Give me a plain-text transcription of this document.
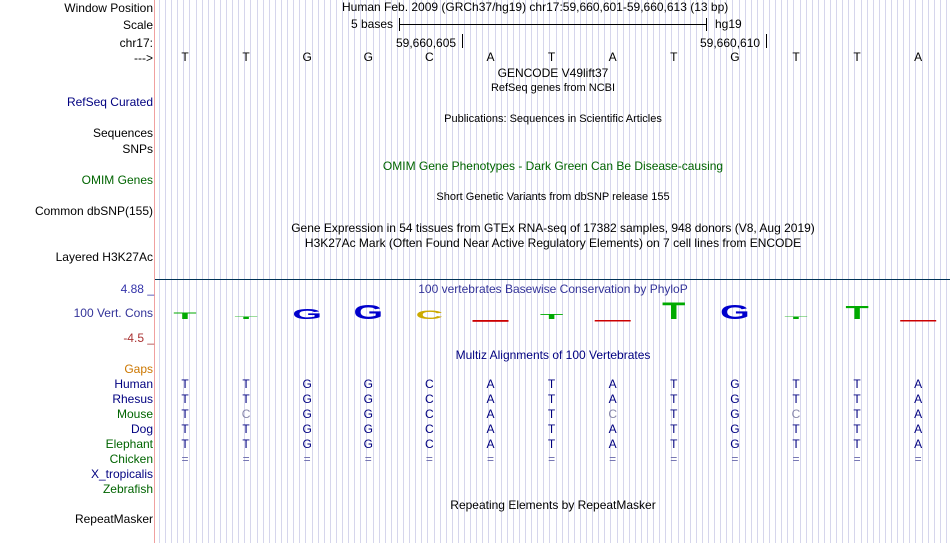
Window Position
Scale
chr17:
--->
Human Feb. 2009 (GRCh37/hg19) chr17:59,660,601-59,660,613 (13 bp)
5 bases	hg19
59,660,605	59,660,610
T	T	G	G	C	A	T	A	T	G	T	T	A
GENCODE V49lift37
RefSeq genes from NCBI
RefSeq Curated
Publications: Sequences in Scientific Articles
Sequences
SNPs
OMIM Gene Phenotypes - Dark Green Can Be Disease-causing
OMIM Genes
Short Genetic Variants from dbSNP release 155
Common dbSNP(155)
Gene Expression in 54 tissues from GTEx RNA-seq of 17382 samples, 948 donors (V8, Aug 2019)
H3K27Ac Mark (Often Found Near Active Regulatory Elements) on 7 cell lines from ENCODE
Layered H3K27Ac
100 vertebrates Basewise Conservation by PhyloP
4.88 _
100 Vert. Cons
-4.5 _
T T G G C	T	T G T T
Multiz Alignments of 100 Vertebrates
Gaps
Human	T	T	G	G	C	A	T	A	T	G	T	T	A
Rhesus	T	T	G	G	C	A	T	A	T	G	T	T	A
Mouse	T	C	G	G	C	A	T	C	T	G	C	T	A
Dog	T	T	G	G	C	A	T	A	T	G	T	T	A
Elephant	T	T	G	G	C	A	T	A	T	G	T	T	A
Chicken	=	=	=	=	=	=	=	=	=	=	=	=	=
X_tropicalis
Zebrafish
Repeating Elements by RepeatMasker
RepeatMasker
